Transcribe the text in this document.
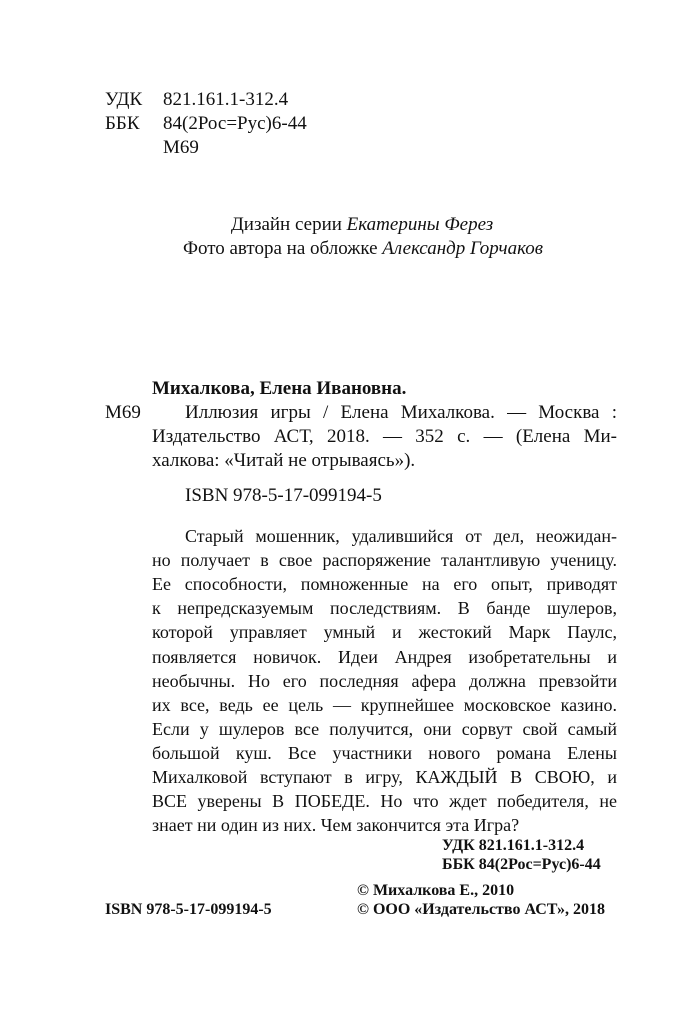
УДК 821.161.1-312.4
ББК 84(2Рос=Рус)6-44
М69
Дизайн серии Екатерины Ферез
Фото автора на обложке Александр Горчаков
Михалкова, Елена Ивановна.
М69 Иллюзия игры / Елена Михалкова. — Москва :
Издательство АСТ, 2018. — 352 с. — (Елена Ми-
халкова: «Читай не отрываясь»).
ISBN 978-5-17-099194-5
Старый мошенник, удалившийся от дел, неожидан-
но получает в свое распоряжение талантливую ученицу.
Ее способности, помноженные на его опыт, приводят
к непредсказуемым последствиям. В банде шулеров,
которой управляет умный и жестокий Марк Паулс,
появляется новичок. Идеи Андрея изобретательны и
необычны. Но его последняя афера должна превзойти
их все, ведь ее цель — крупнейшее московское казино.
Если у шулеров все получится, они сорвут свой самый
большой куш. Все участники нового романа Елены
Михалковой вступают в игру, КАЖДЫЙ В СВОЮ, и
ВСЕ уверены В ПОБЕДЕ. Но что ждет победителя, не
знает ни один из них. Чем закончится эта Игра?
УДК 821.161.1-312.4
ББК 84(2Рос=Рус)6-44
© Михалкова Е., 2010
ISBN 978-5-17-099194-5	© ООО «Издательство АСТ», 2018
